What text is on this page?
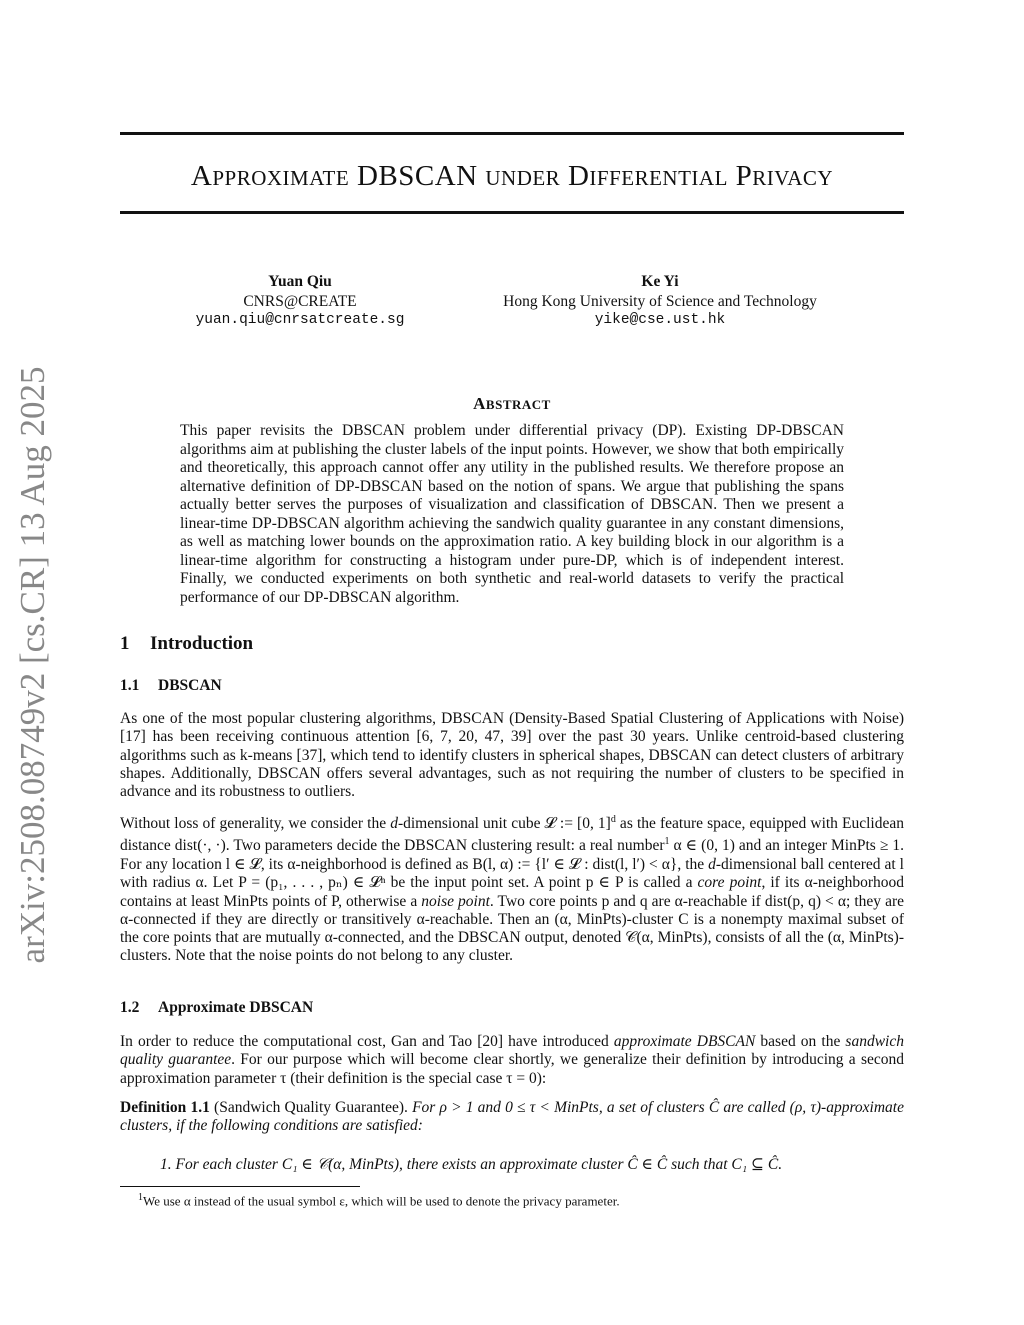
arXiv:2508.08749v2 [cs.CR] 13 Aug 2025
APPROXIMATE DBSCAN UNDER DIFFERENTIAL PRIVACY
Yuan Qiu
CNRS@CREATE
yuan.qiu@cnrsatcreate.sg
Ke Yi
Hong Kong University of Science and Technology
yike@cse.ust.hk
ABSTRACT
This paper revisits the DBSCAN problem under differential privacy (DP). Existing DP-DBSCAN algorithms aim at publishing the cluster labels of the input points. However, we show that both empirically and theoretically, this approach cannot offer any utility in the published results. We therefore propose an alternative definition of DP-DBSCAN based on the notion of spans. We argue that publishing the spans actually better serves the purposes of visualization and classification of DBSCAN. Then we present a linear-time DP-DBSCAN algorithm achieving the sandwich quality guarantee in any constant dimensions, as well as matching lower bounds on the approximation ratio. A key building block in our algorithm is a linear-time algorithm for constructing a histogram under pure-DP, which is of independent interest. Finally, we conducted experiments on both synthetic and real-world datasets to verify the practical performance of our DP-DBSCAN algorithm.
1 Introduction
1.1 DBSCAN
As one of the most popular clustering algorithms, DBSCAN (Density-Based Spatial Clustering of Applications with Noise) [17] has been receiving continuous attention [6, 7, 20, 47, 39] over the past 30 years. Unlike centroid-based clustering algorithms such as k-means [37], which tend to identify clusters in spherical shapes, DBSCAN can detect clusters of arbitrary shapes. Additionally, DBSCAN offers several advantages, such as not requiring the number of clusters to be specified in advance and its robustness to outliers.
Without loss of generality, we consider the d-dimensional unit cube 𝓛 := [0, 1]$^d$ as the feature space, equipped with Euclidean distance dist(·, ·). Two parameters decide the DBSCAN clustering result: a real number$^1$ α ∈ (0, 1) and an integer MinPts ≥ 1. For any location l ∈ 𝓛, its α-neighborhood is defined as B(l, α) := {l′ ∈ 𝓛 : dist(l, l′) < α}, the d-dimensional ball centered at l with radius α. Let P = (p₁, . . . , pₙ) ∈ 𝓛ⁿ be the input point set. A point p ∈ P is called a core point, if its α-neighborhood contains at least MinPts points of P, otherwise a noise point. Two core points p and q are α-reachable if dist(p, q) < α; they are α-connected if they are directly or transitively α-reachable. Then an (α, MinPts)-cluster C is a nonempty maximal subset of the core points that are mutually α-connected, and the DBSCAN output, denoted 𝒞(α, MinPts), consists of all the (α, MinPts)-clusters. Note that the noise points do not belong to any cluster.
1.2 Approximate DBSCAN
In order to reduce the computational cost, Gan and Tao [20] have introduced approximate DBSCAN based on the sandwich quality guarantee. For our purpose which will become clear shortly, we generalize their definition by introducing a second approximation parameter τ (their definition is the special case τ = 0):
Definition 1.1 (Sandwich Quality Guarantee). For ρ > 1 and 0 ≤ τ < MinPts, a set of clusters Ĉ are called (ρ, τ)-approximate clusters, if the following conditions are satisfied:
1. For each cluster C₁ ∈ 𝒞(α, MinPts), there exists an approximate cluster Ĉ ∈ Ĉ such that C₁ ⊆ Ĉ.
$^1$We use α instead of the usual symbol ε, which will be used to denote the privacy parameter.
